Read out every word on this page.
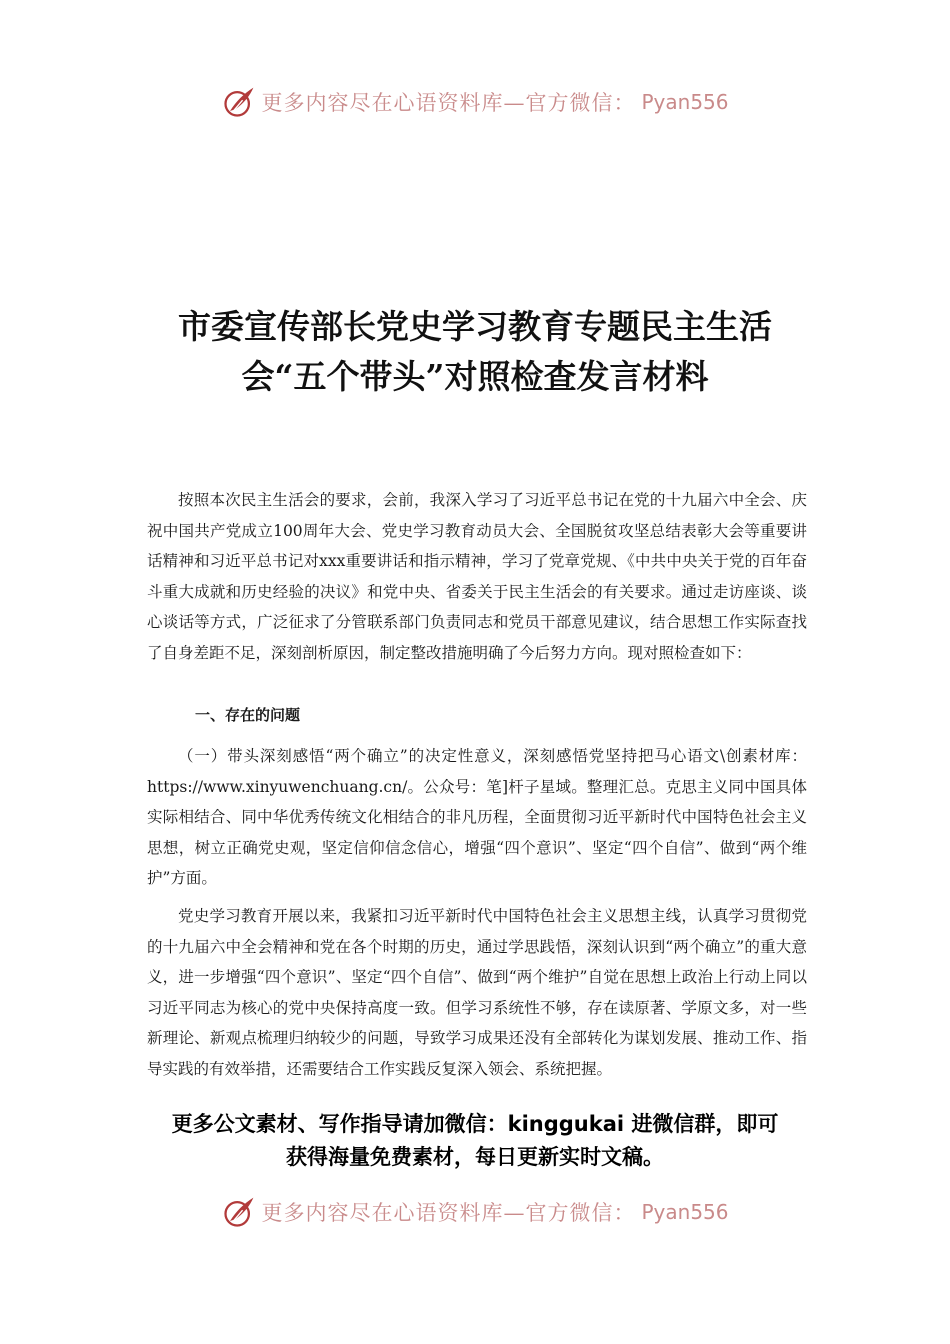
更多内容尽在心语资料库—官方微信： Pyan556
市委宣传部长党史学习教育专题民主生活
会“五个带头”对照检查发言材料

按照本次民主生活会的要求，会前，我深入学习了习近平总书记在党的十九届六中全会、庆祝中国共产党成立100周年大会、党史学习教育动员大会、全国脱贫攻坚总结表彰大会等重要讲话精神和习近平总书记对xxx重要讲话和指示精神，学习了党章党规、《中共中央关于党的百年奋斗重大成就和历史经验的决议》和党中央、省委关于民主生活会的有关要求。通过走访座谈、谈心谈话等方式，广泛征求了分管联系部门负责同志和党员干部意见建议，结合思想工作实际查找了自身差距不足，深刻剖析原因，制定整改措施明确了今后努力方向。现对照检查如下：

一、存在的问题

（一）带头深刻感悟“两个确立”的决定性意义，深刻感悟党坚持把马心语文\创素材库：https://www.xinyuwenchuang.cn/。公众号：笔]杆子星域。整理汇总。克思主义同中国具体实际相结合、同中华优秀传统文化相结合的非凡历程，全面贯彻习近平新时代中国特色社会主义思想，树立正确党史观，坚定信仰信念信心，增强“四个意识”、坚定“四个自信”、做到“两个维护”方面。

党史学习教育开展以来，我紧扣习近平新时代中国特色社会主义思想主线，认真学习贯彻党的十九届六中全会精神和党在各个时期的历史，通过学思践悟，深刻认识到“两个确立”的重大意义，进一步增强“四个意识”、坚定“四个自信”、做到“两个维护”自觉在思想上政治上行动上同以习近平同志为核心的党中央保持高度一致。但学习系统性不够，存在读原著、学原文多，对一些新理论、新观点梳理归纳较少的问题，导致学习成果还没有全部转化为谋划发展、推动工作、指导实践的有效举措，还需要结合工作实践反复深入领会、系统把握。

更多公文素材、写作指导请加微信：kinggukai 进微信群，即可
获得海量免费素材，每日更新实时文稿。
更多内容尽在心语资料库—官方微信： Pyan556
